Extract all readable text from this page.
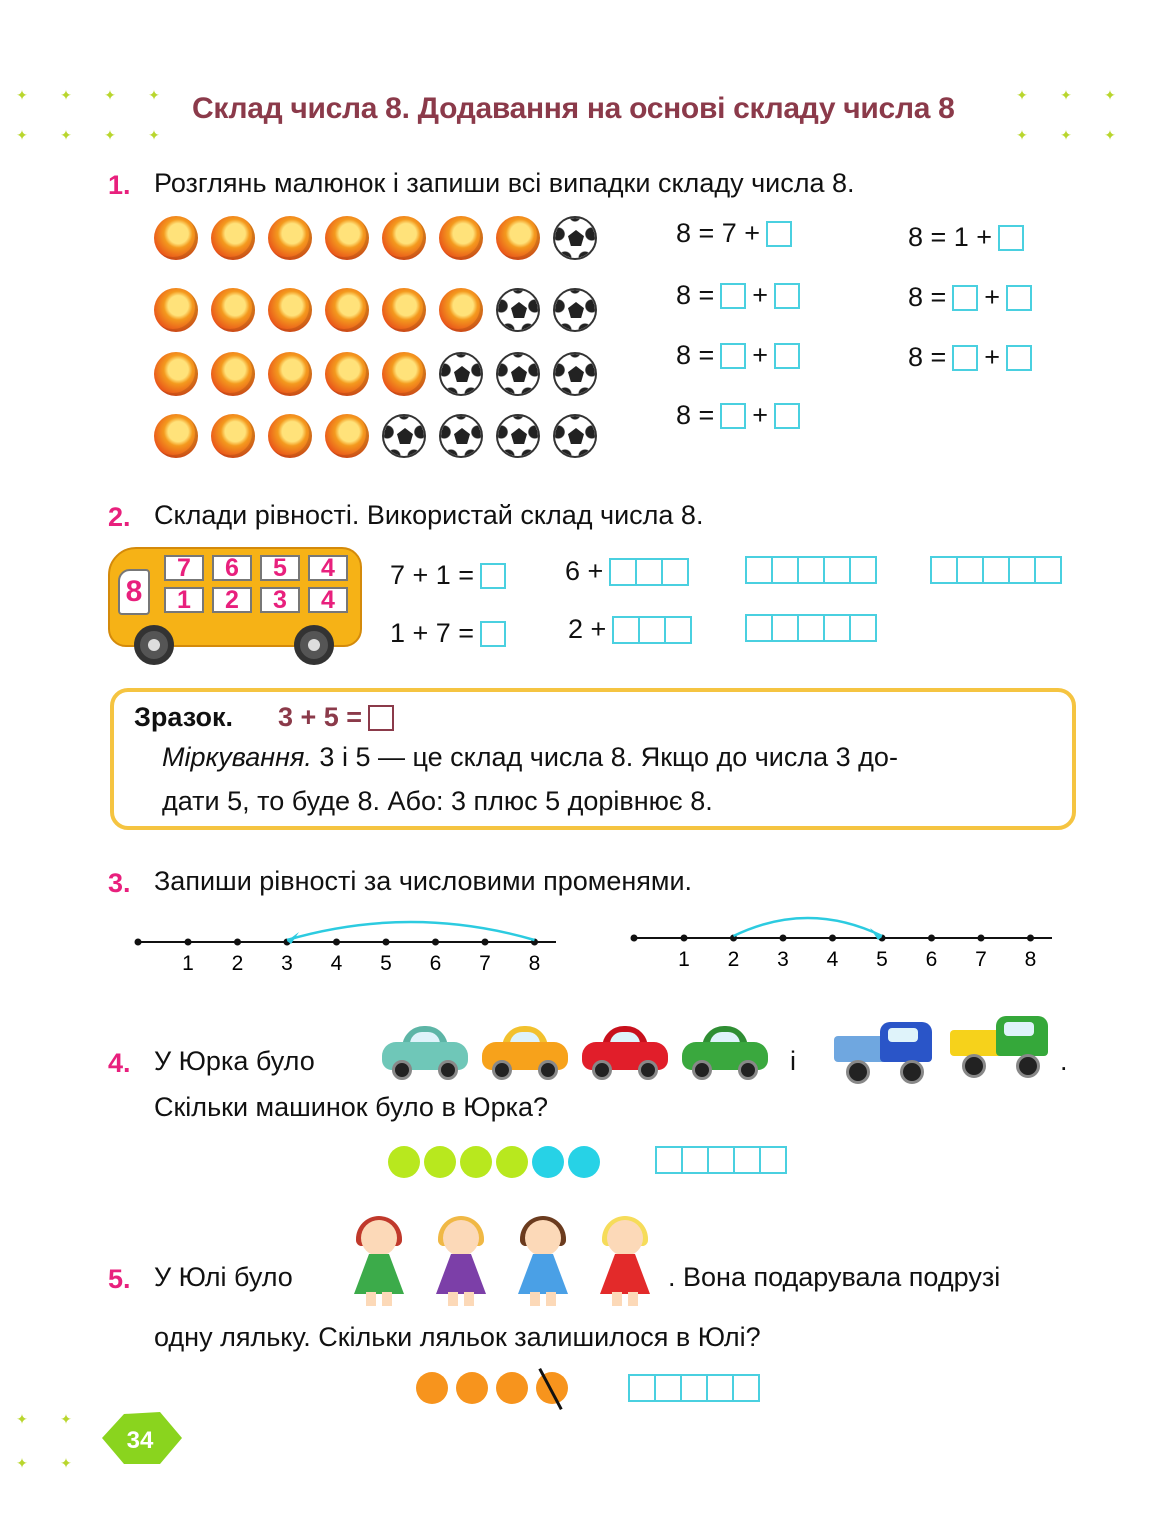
✦	✦	✦	✦
✦	✦	✦	✦
✦	✦	✦
✦	✦	✦
✦	✦
✦	✦
Склад числа 8. Додавання на основі складу числа 8
1. Розглянь малюнок і запиши всі випадки складу числа 8.
8 = 7 +
8 = +
8 = +
8 = +
8 = 1 +
8 = +
8 = +
2. Склади рівності. Використай склад числа 8.
8
7	6	5	4
1	2	3	4
7 + 1 =
1 + 7 =
6 +
2 +
Зразок. 3 + 5 =
Міркування. 3 і 5 — це склад числа 8. Якщо до числа 3 до-
дати 5, то буде 8. Або: 3 плюс 5 дорівнює 8.
3. Запиши рівності за числовими променями.
1 2 3 4 5 6 7 8	1 2 3 4 5 6 7 8
4. У Юрка було	і	.
Скільки машинок було в Юрка?
5. У Юлі було	. Вона подарувала подрузі
одну ляльку. Скільки ляльок залишилося в Юлі?
34
